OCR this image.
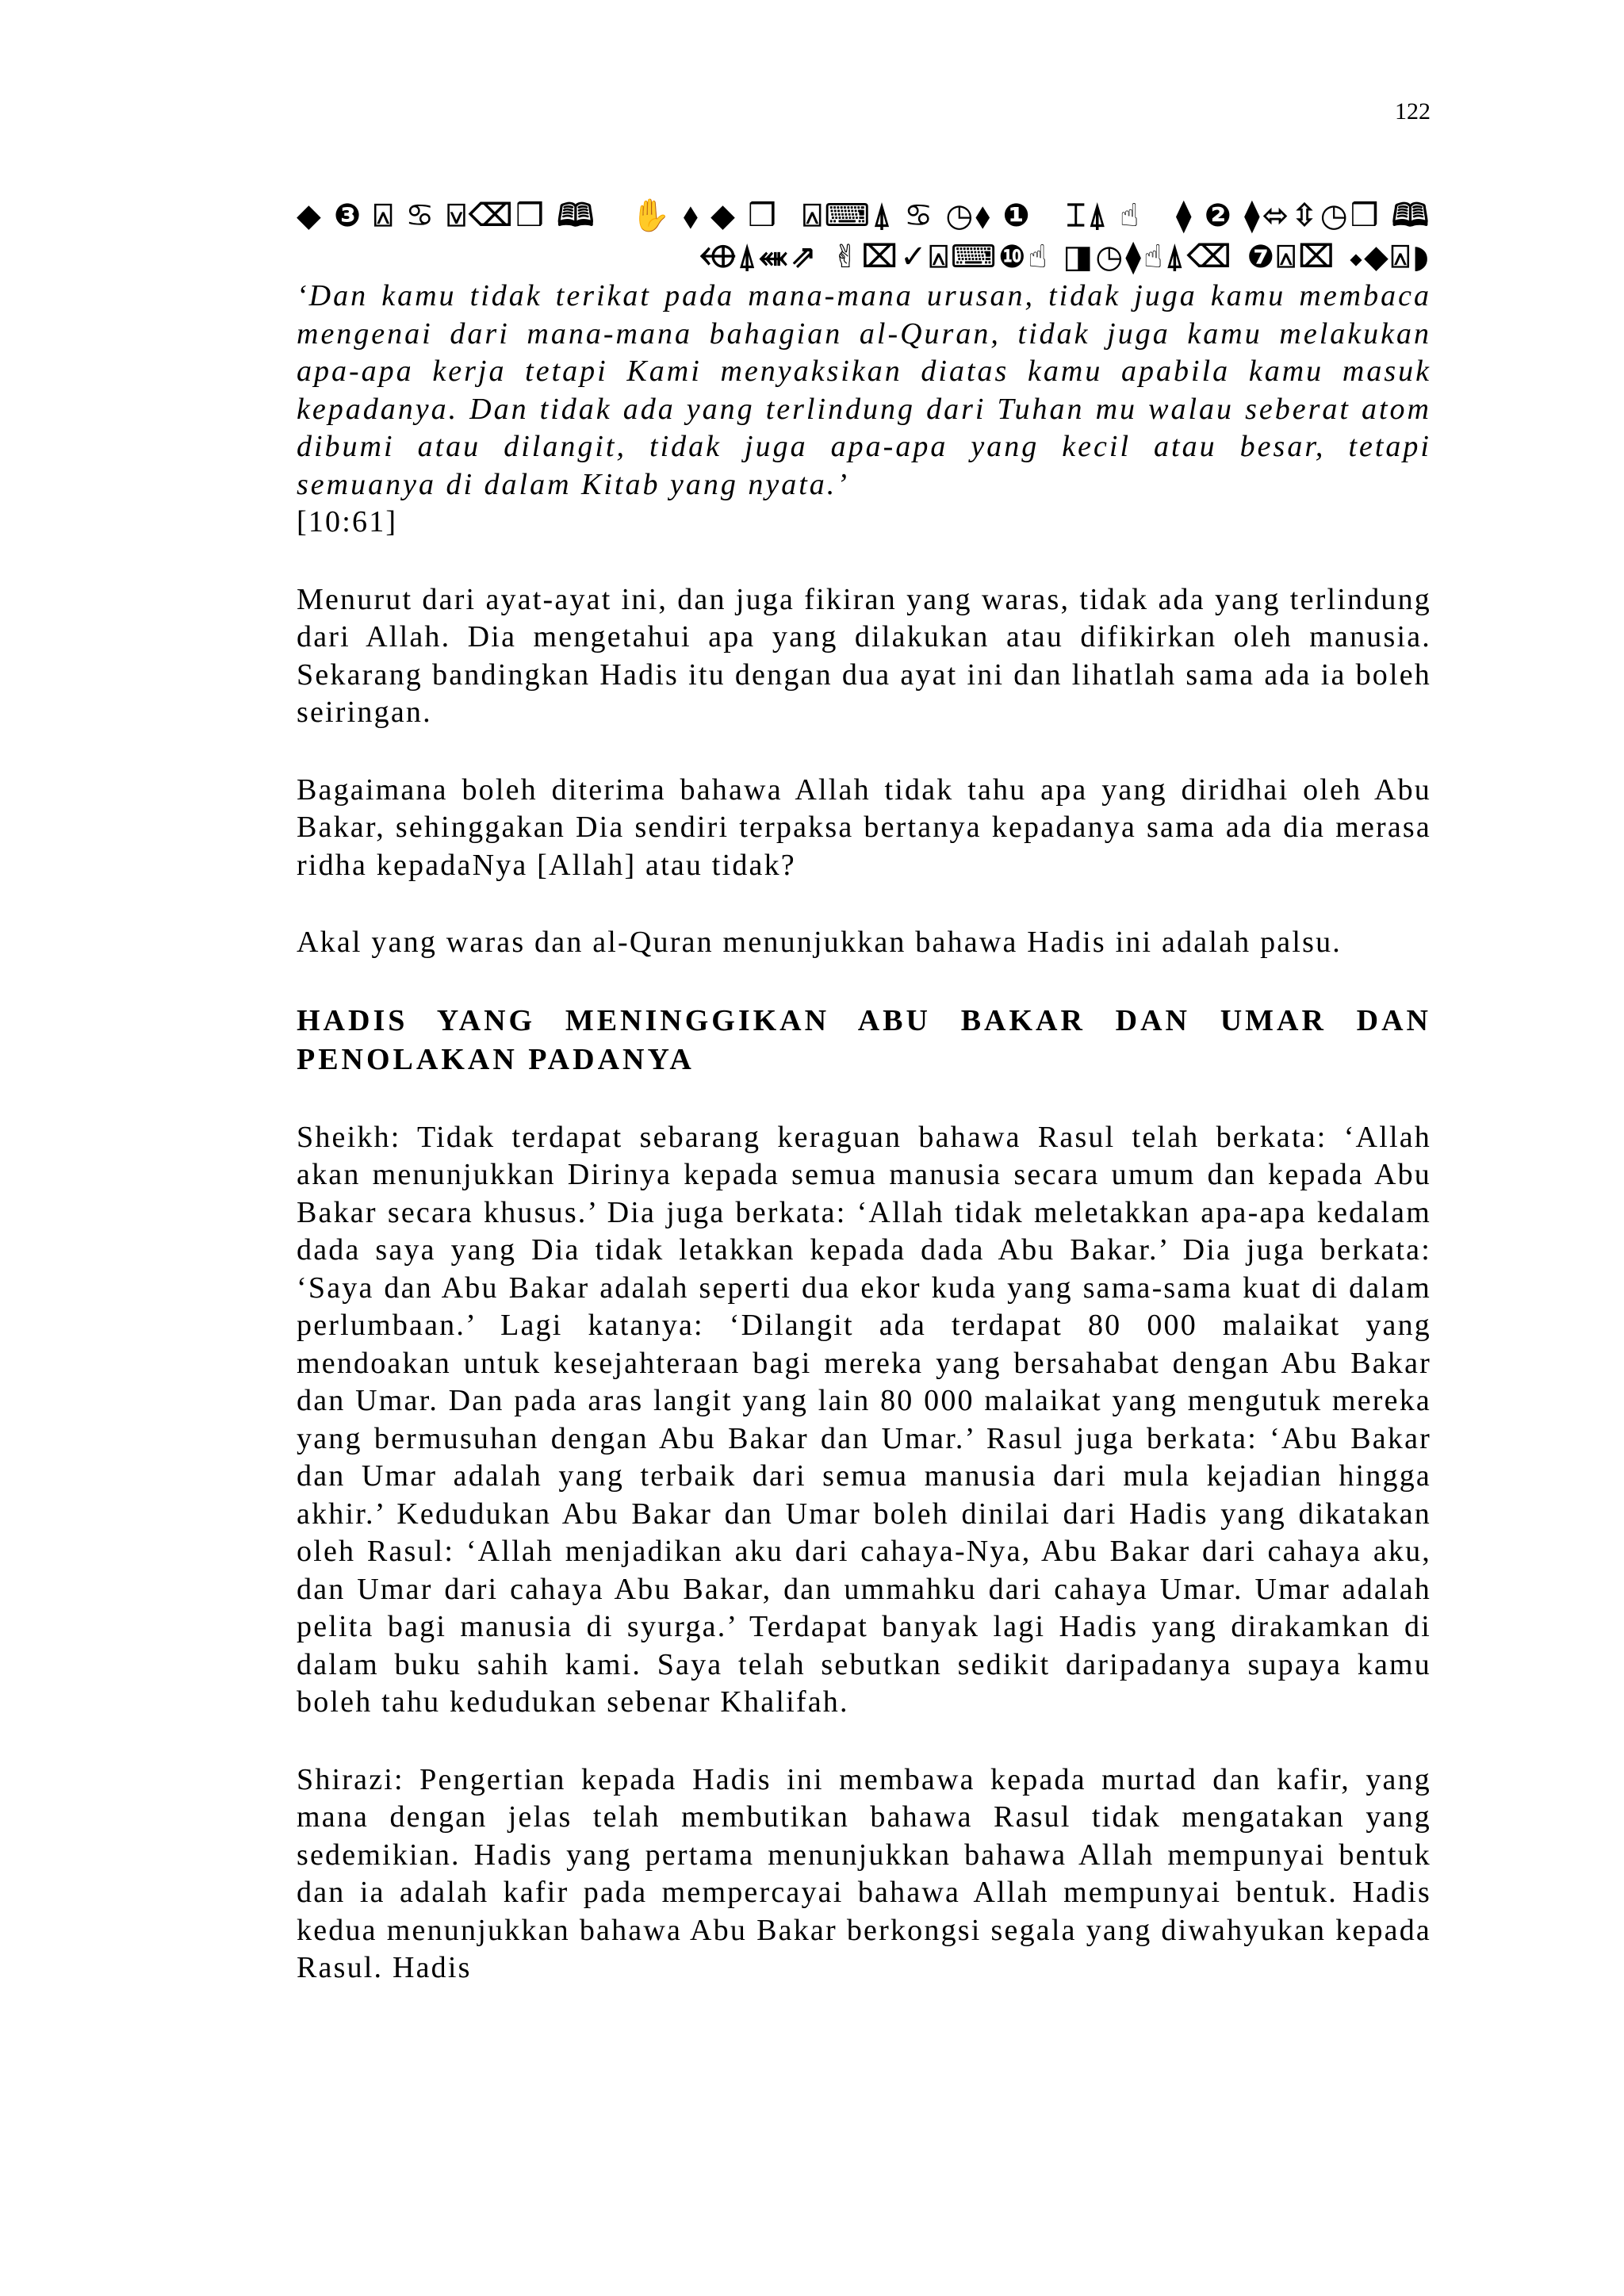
122
◆❸⍓♋⍌⌫❒🕮 ✋⬧◆❒ ⍓⌨⍋♋◷⬧❶ ⌶⍋☝ ⧫❷⧫⬄⇳◷❒🕮
⬲⍋⬽⇗ ✌⌧✓⍓⌨❿☝ ◨◷⧫☝⍋⌫ ❼⍓⌧ ⬩◆⍓◗

‘Dan kamu tidak terikat pada mana-mana urusan, tidak juga kamu membaca mengenai dari mana-mana bahagian al-Quran, tidak juga kamu melakukan apa-apa kerja tetapi Kami menyaksikan diatas kamu apabila kamu masuk kepadanya. Dan tidak ada yang terlindung dari Tuhan mu walau seberat atom dibumi atau dilangit, tidak juga apa-apa yang kecil atau besar, tetapi semuanya di dalam Kitab yang nyata.’

[10:61]

Menurut dari ayat-ayat ini, dan juga fikiran yang waras, tidak ada yang terlindung dari Allah. Dia mengetahui apa yang dilakukan atau difikirkan oleh manusia. Sekarang bandingkan Hadis itu dengan dua ayat ini dan lihatlah sama ada ia boleh seiringan.

Bagaimana boleh diterima bahawa Allah tidak tahu apa yang diridhai oleh Abu Bakar, sehinggakan Dia sendiri terpaksa bertanya kepadanya sama ada dia merasa ridha kepadaNya [Allah] atau tidak?

Akal yang waras dan al-Quran menunjukkan bahawa Hadis ini adalah palsu.

HADIS YANG MENINGGIKAN ABU BAKAR DAN UMAR DAN PENOLAKAN PADANYA

Sheikh: Tidak terdapat sebarang keraguan bahawa Rasul telah berkata: ‘Allah akan menunjukkan Dirinya kepada semua manusia secara umum dan kepada Abu Bakar secara khusus.’ Dia juga berkata: ‘Allah tidak meletakkan apa-apa kedalam dada saya yang Dia tidak letakkan kepada dada Abu Bakar.’ Dia juga berkata: ‘Saya dan Abu Bakar adalah seperti dua ekor kuda yang sama-sama kuat di dalam perlumbaan.’ Lagi katanya: ‘Dilangit ada terdapat 80 000 malaikat yang mendoakan untuk kesejahteraan bagi mereka yang bersahabat dengan Abu Bakar dan Umar. Dan pada aras langit yang lain 80 000 malaikat yang mengutuk mereka yang bermusuhan dengan Abu Bakar dan Umar.’ Rasul juga berkata: ‘Abu Bakar dan Umar adalah yang terbaik dari semua manusia dari mula kejadian hingga akhir.’ Kedudukan Abu Bakar dan Umar boleh dinilai dari Hadis yang dikatakan oleh Rasul: ‘Allah menjadikan aku dari cahaya-Nya, Abu Bakar dari cahaya aku, dan Umar dari cahaya Abu Bakar, dan ummahku dari cahaya Umar. Umar adalah pelita bagi manusia di syurga.’ Terdapat banyak lagi Hadis yang dirakamkan di dalam buku sahih kami. Saya telah sebutkan sedikit daripadanya supaya kamu boleh tahu kedudukan sebenar Khalifah.

Shirazi: Pengertian kepada Hadis ini membawa kepada murtad dan kafir, yang mana dengan jelas telah membutikan bahawa Rasul tidak mengatakan yang sedemikian. Hadis yang pertama menunjukkan bahawa Allah mempunyai bentuk dan ia adalah kafir pada mempercayai bahawa Allah mempunyai bentuk. Hadis kedua menunjukkan bahawa Abu Bakar berkongsi segala yang diwahyukan kepada Rasul. Hadis
